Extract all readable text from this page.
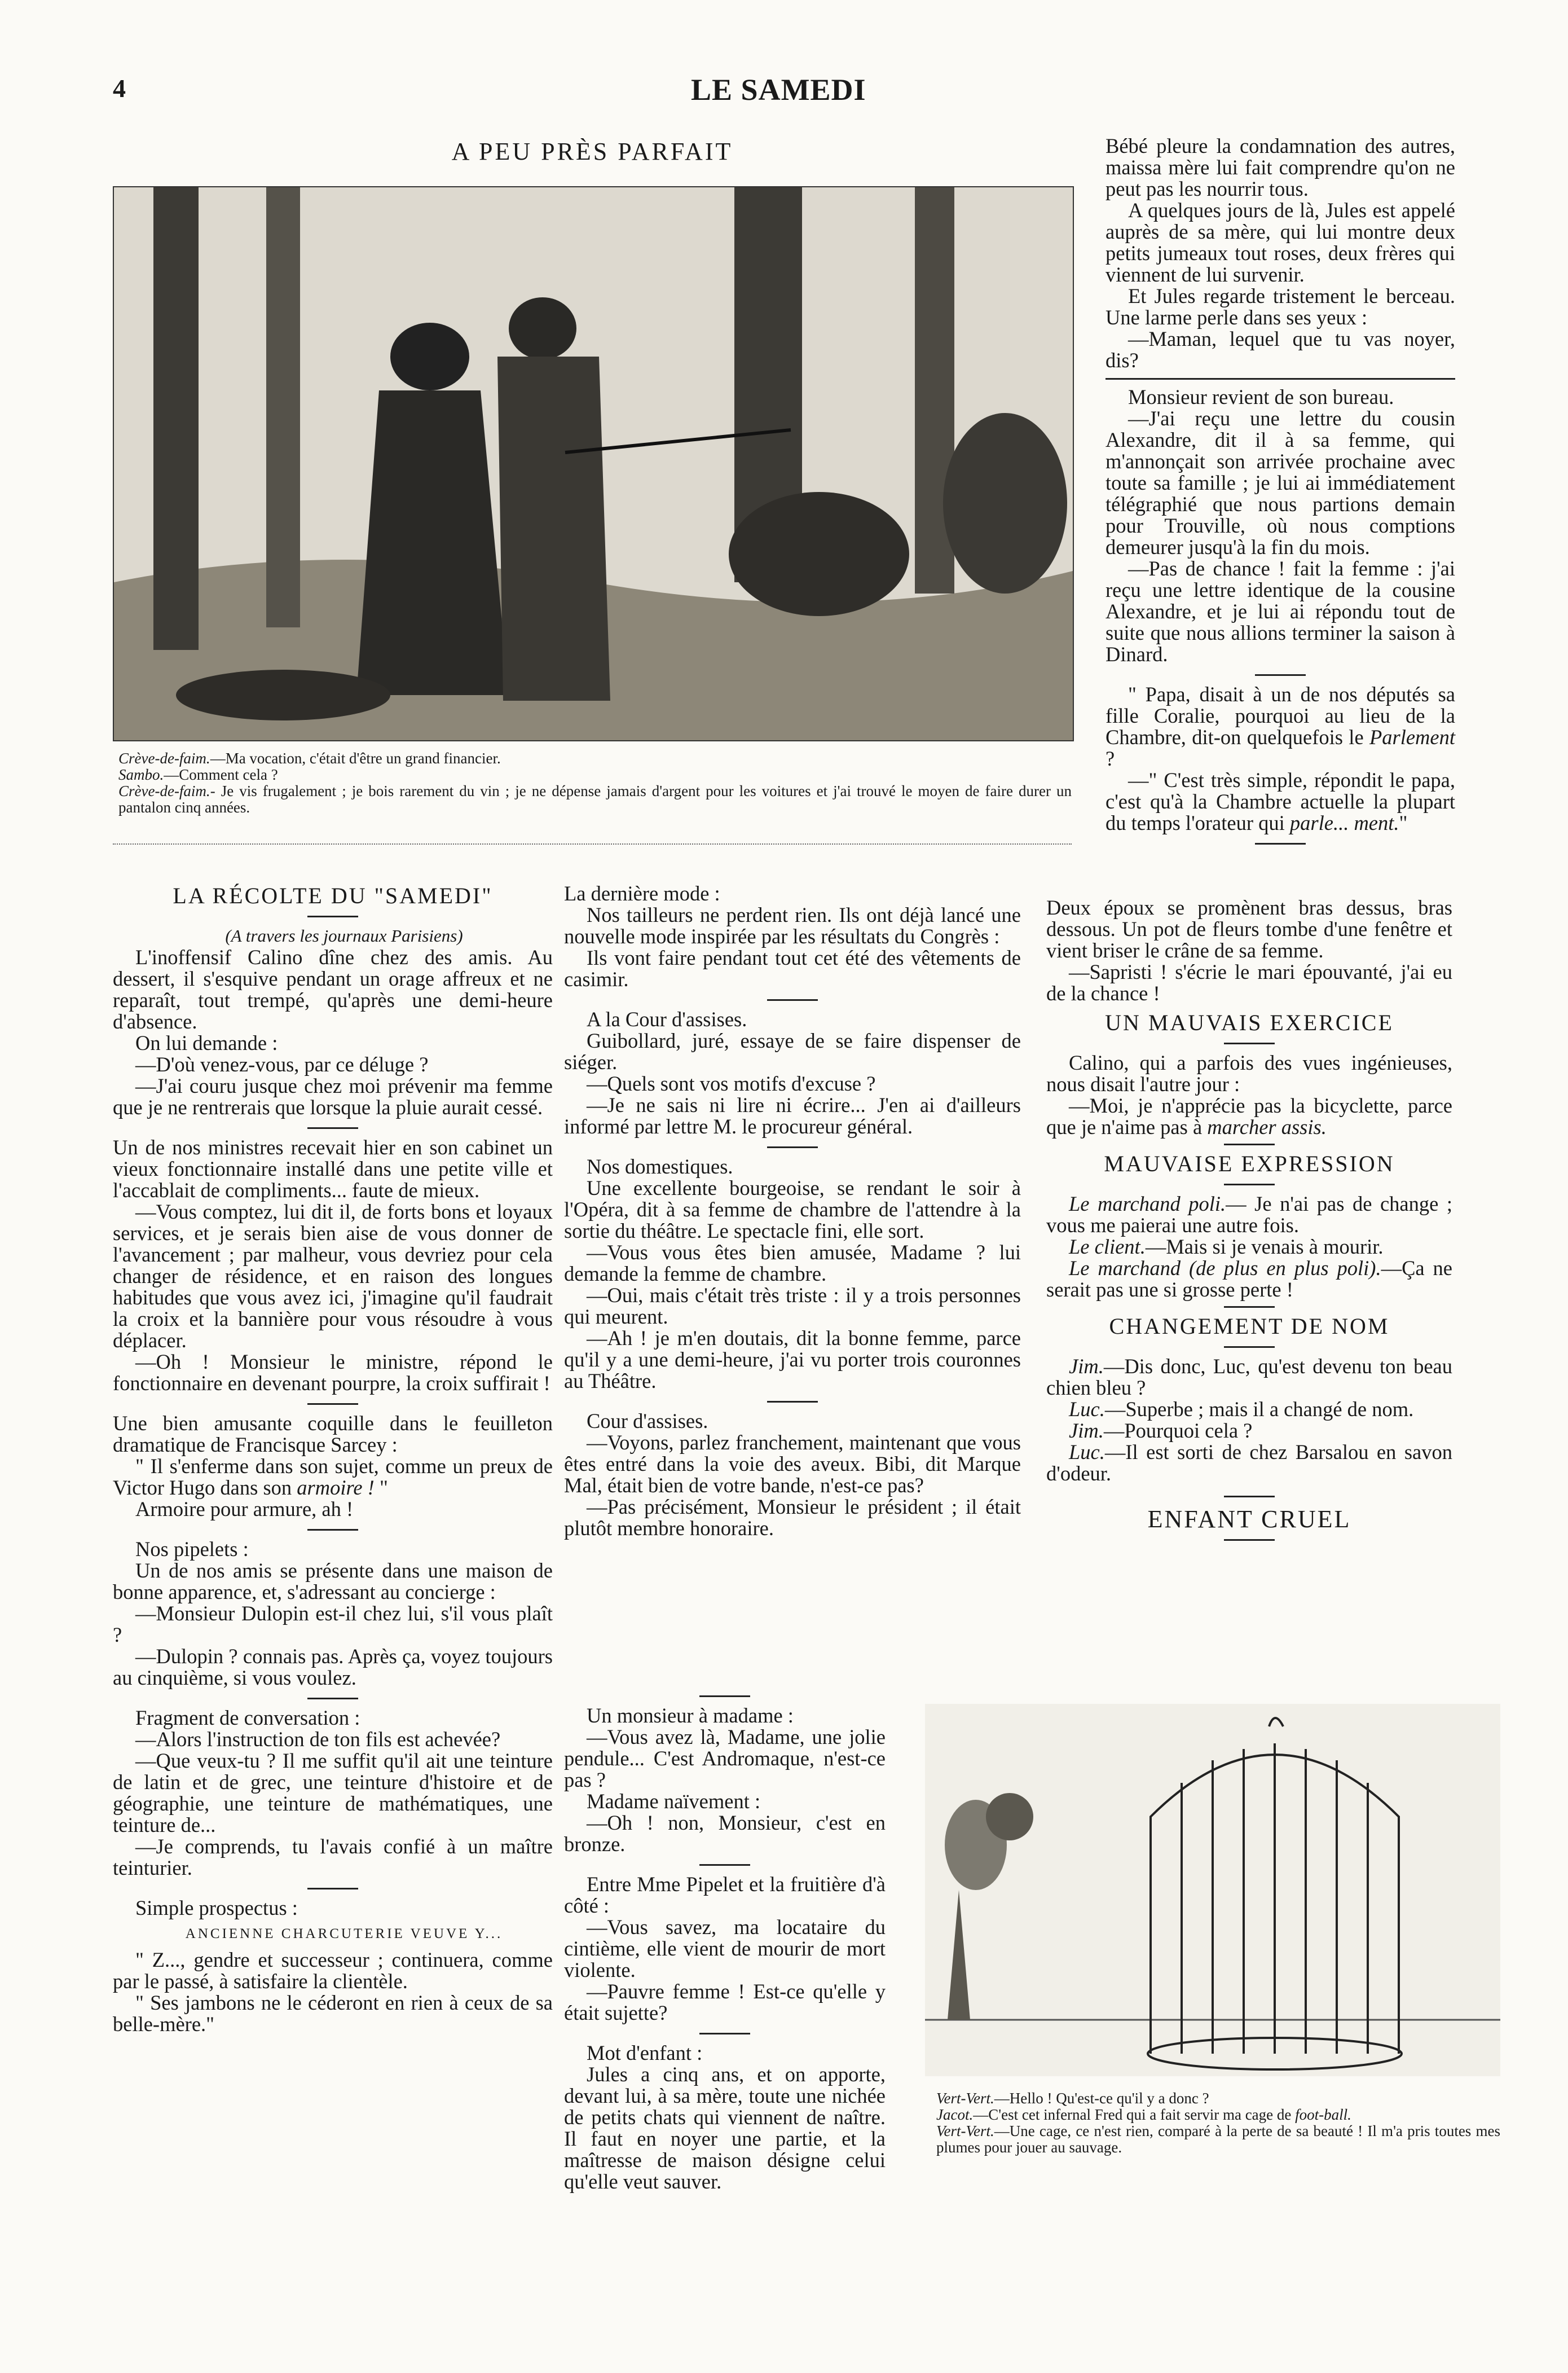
4	LE SAMEDI
A PEU PRÈS PARFAIT

Crève-de-faim.—Ma vocation, c'était d'être un grand financier.

Sambo.—Comment cela ?

Crève-de-faim.- Je vis frugalement ; je bois rarement du vin ; je ne dépense jamais d'argent pour les voitures et j'ai trouvé le moyen de faire durer un pantalon cinq années.

Bébé pleure la condamnation des autres, maissa mère lui fait comprendre qu'on ne peut pas les nourrir tous.

A quelques jours de là, Jules est appelé auprès de sa mère, qui lui montre deux petits jumeaux tout roses, deux frères qui viennent de lui survenir.

Et Jules regarde tristement le berceau. Une larme perle dans ses yeux :

—Maman, lequel que tu vas noyer, dis?

Monsieur revient de son bureau.

—J'ai reçu une lettre du cousin Alexandre, dit il à sa femme, qui m'annonçait son arrivée prochaine avec toute sa famille ; je lui ai immédiatement télégraphié que nous partions demain pour Trouville, où nous comptions demeurer jusqu'à la fin du mois.

—Pas de chance ! fait la femme : j'ai reçu une lettre identique de la cousine Alexandre, et je lui ai répondu tout de suite que nous allions terminer la saison à Dinard.

" Papa, disait à un de nos députés sa fille Coralie, pourquoi au lieu de la Chambre, dit-on quelquefois le Parlement ?

—" C'est très simple, répondit le papa, c'est qu'à la Chambre actuelle la plupart du temps l'orateur qui parle... ment."

Deux époux se promènent bras dessus, bras dessous. Un pot de fleurs tombe d'une fenêtre et vient briser le crâne de sa femme.

—Sapristi ! s'écrie le mari épouvanté, j'ai eu de la chance !

UN MAUVAIS EXERCICE

Calino, qui a parfois des vues ingénieuses, nous disait l'autre jour :

—Moi, je n'apprécie pas la bicyclette, parce que je n'aime pas à marcher assis.

MAUVAISE EXPRESSION

Le marchand poli.— Je n'ai pas de change ; vous me paierai une autre fois.

Le client.—Mais si je venais à mourir.

Le marchand (de plus en plus poli).—Ça ne serait pas une si grosse perte !

CHANGEMENT DE NOM

Jim.—Dis donc, Luc, qu'est devenu ton beau chien bleu ?

Luc.—Superbe ; mais il a changé de nom.

Jim.—Pourquoi cela ?

Luc.—Il est sorti de chez Barsalou en savon d'odeur.

ENFANT CRUEL

Vert-Vert.—Hello ! Qu'est-ce qu'il y a donc ?

Jacot.—C'est cet infernal Fred qui a fait servir ma cage de foot-ball.

Vert-Vert.—Une cage, ce n'est rien, comparé à la perte de sa beauté ! Il m'a pris toutes mes plumes pour jouer au sauvage.

LA RÉCOLTE DU "SAMEDI"

(A travers les journaux Parisiens)

L'inoffensif Calino dîne chez des amis. Au dessert, il s'esquive pendant un orage affreux et ne reparaît, tout trempé, qu'après une demi-heure d'absence.

On lui demande :

—D'où venez-vous, par ce déluge ?

—J'ai couru jusque chez moi prévenir ma femme que je ne rentrerais que lorsque la pluie aurait cessé.

Un de nos ministres recevait hier en son cabinet un vieux fonctionnaire installé dans une petite ville et l'accablait de compliments... faute de mieux.

—Vous comptez, lui dit il, de forts bons et loyaux services, et je serais bien aise de vous donner de l'avancement ; par malheur, vous devriez pour cela changer de résidence, et en raison des longues habitudes que vous avez ici, j'imagine qu'il faudrait la croix et la bannière pour vous résoudre à vous déplacer.

—Oh ! Monsieur le ministre, répond le fonctionnaire en devenant pourpre, la croix suffirait !

Une bien amusante coquille dans le feuilleton dramatique de Francisque Sarcey :

" Il s'enferme dans son sujet, comme un preux de Victor Hugo dans son armoire ! "

Armoire pour armure, ah !

Nos pipelets :

Un de nos amis se présente dans une maison de bonne apparence, et, s'adressant au concierge :

—Monsieur Dulopin est-il chez lui, s'il vous plaît ?

—Dulopin ? connais pas. Après ça, voyez toujours au cinquième, si vous voulez.

Fragment de conversation :

—Alors l'instruction de ton fils est achevée?

—Que veux-tu ? Il me suffit qu'il ait une teinture de latin et de grec, une teinture d'histoire et de géographie, une teinture de mathématiques, une teinture de...

—Je comprends, tu l'avais confié à un maître teinturier.

Simple prospectus :

ANCIENNE CHARCUTERIE VEUVE Y...

" Z..., gendre et successeur ; continuera, comme par le passé, à satisfaire la clientèle.

" Ses jambons ne le céderont en rien à ceux de sa belle-mère."

La dernière mode :

Nos tailleurs ne perdent rien. Ils ont déjà lancé une nouvelle mode inspirée par les résultats du Congrès :

Ils vont faire pendant tout cet été des vêtements de casimir.

A la Cour d'assises.

Guibollard, juré, essaye de se faire dispenser de siéger.

—Quels sont vos motifs d'excuse ?

—Je ne sais ni lire ni écrire... J'en ai d'ailleurs informé par lettre M. le procureur général.

Nos domestiques.

Une excellente bourgeoise, se rendant le soir à l'Opéra, dit à sa femme de chambre de l'attendre à la sortie du théâtre. Le spectacle fini, elle sort.

—Vous vous êtes bien amusée, Madame ? lui demande la femme de chambre.

—Oui, mais c'était très triste : il y a trois personnes qui meurent.

—Ah ! je m'en doutais, dit la bonne femme, parce qu'il y a une demi-heure, j'ai vu porter trois couronnes au Théâtre.

Cour d'assises.

—Voyons, parlez franchement, maintenant que vous êtes entré dans la voie des aveux. Bibi, dit Marque Mal, était bien de votre bande, n'est-ce pas?

—Pas précisément, Monsieur le président ; il était plutôt membre honoraire.

Un monsieur à madame :

—Vous avez là, Madame, une jolie pendule... C'est Andromaque, n'est-ce pas ?

Madame naïvement :

—Oh ! non, Monsieur, c'est en bronze.

Entre Mme Pipelet et la fruitière d'à côté :

—Vous savez, ma locataire du cintième, elle vient de mourir de mort violente.

—Pauvre femme ! Est-ce qu'elle y était sujette?

Mot d'enfant :

Jules a cinq ans, et on apporte, devant lui, à sa mère, toute une nichée de petits chats qui viennent de naître. Il faut en noyer une partie, et la maîtresse de maison désigne celui qu'elle veut sauver.
